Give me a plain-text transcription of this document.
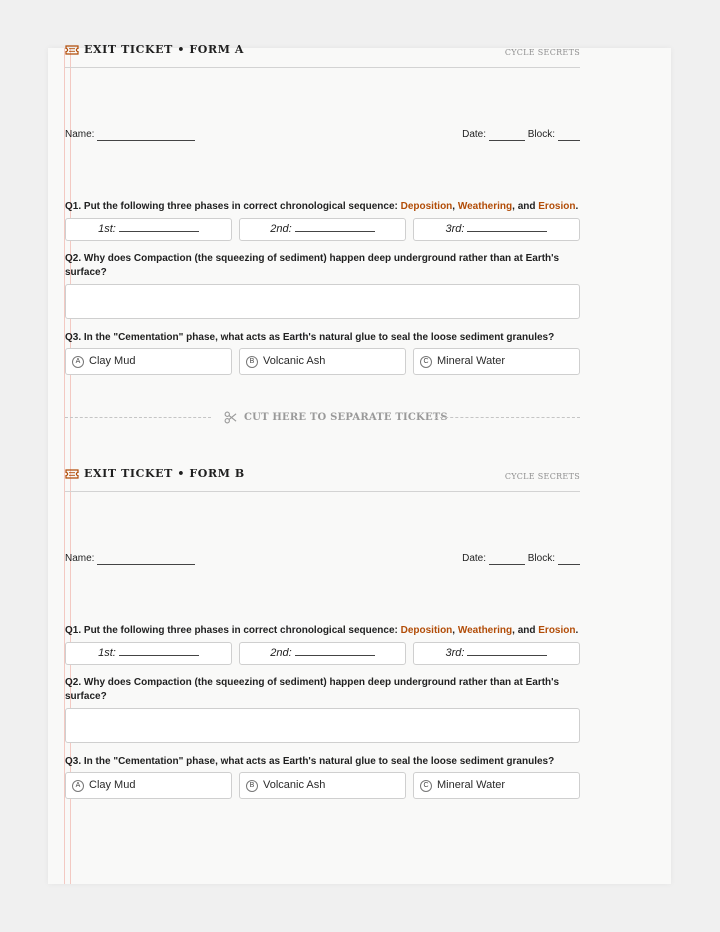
EXIT TICKET • FORM A	CYCLE SECRETS
Name:	Date:	Block:
Q1. Put the following three phases in correct chronological sequence: Deposition, Weathering, and Erosion.
1st:	2nd:	3rd:
Q2. Why does Compaction (the squeezing of sediment) happen deep underground rather than at Earth's surface?
Q3. In the "Cementation" phase, what acts as Earth's natural glue to seal the loose sediment granules?
A Clay Mud	B Volcanic Ash	C Mineral Water
EXIT TICKET • FORM B	CYCLE SECRETS
Name:	Date:	Block:
Q1. Put the following three phases in correct chronological sequence: Deposition, Weathering, and Erosion.
1st:	2nd:	3rd:
Q2. Why does Compaction (the squeezing of sediment) happen deep underground rather than at Earth's surface?
Q3. In the "Cementation" phase, what acts as Earth's natural glue to seal the loose sediment granules?
A Clay Mud	B Volcanic Ash	C Mineral Water
CUT HERE TO SEPARATE TICKETS
